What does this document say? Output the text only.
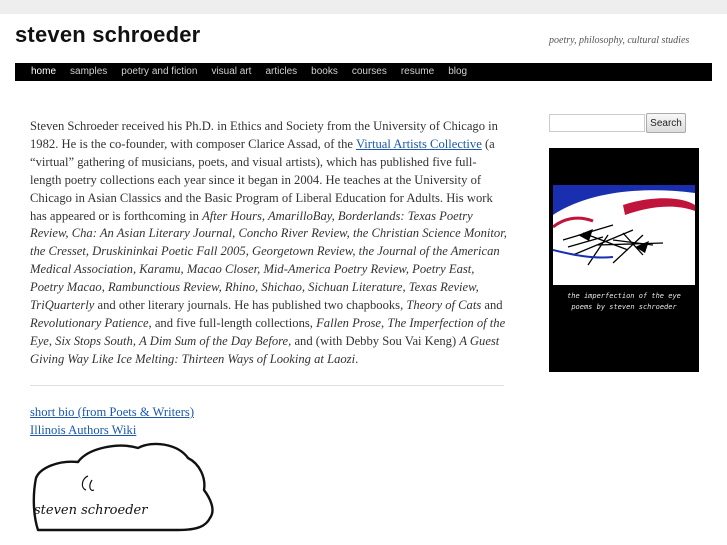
steven schroeder	poetry, philosophy, cultural studies
home	samples	poetry and fiction	visual art	articles	books	courses	resume	blog

Steven Schroeder received his Ph.D. in Ethics and Society from the University of Chicago in 1982. He is the co-founder, with composer Clarice Assad, of the Virtual Artists Collective (a “virtual” gathering of musicians, poets, and visual artists), which has published five full-length poetry collections each year since it began in 2004. He teaches at the University of Chicago in Asian Classics and the Basic Program of Liberal Education for Adults. His work has appeared or is forthcoming in After Hours, AmarilloBay, Borderlands: Texas Poetry Review, Cha: An Asian Literary Journal, Concho River Review, the Christian Science Monitor, the Cresset, Druskininkai Poetic Fall 2005, Georgetown Review, the Journal of the American Medical Association, Karamu, Macao Closer, Mid-America Poetry Review, Poetry East, Poetry Macao, Rambunctious Review, Rhino, Shichao, Sichuan Literature, Texas Review, TriQuarterly and other literary journals. He has published two chapbooks, Theory of Cats and Revolutionary Patience, and five full-length collections, Fallen Prose, The Imperfection of the Eye, Six Stops South, A Dim Sum of the Day Before, and (with Debby Sou Vai Keng) A Guest Giving Way Like Ice Melting: Thirteen Ways of Looking at Laozi.

short bio (from Poets & Writers)
Illinois Authors Wiki
steven schroeder
Search
the imperfection of the eye
poems by steven schroeder
